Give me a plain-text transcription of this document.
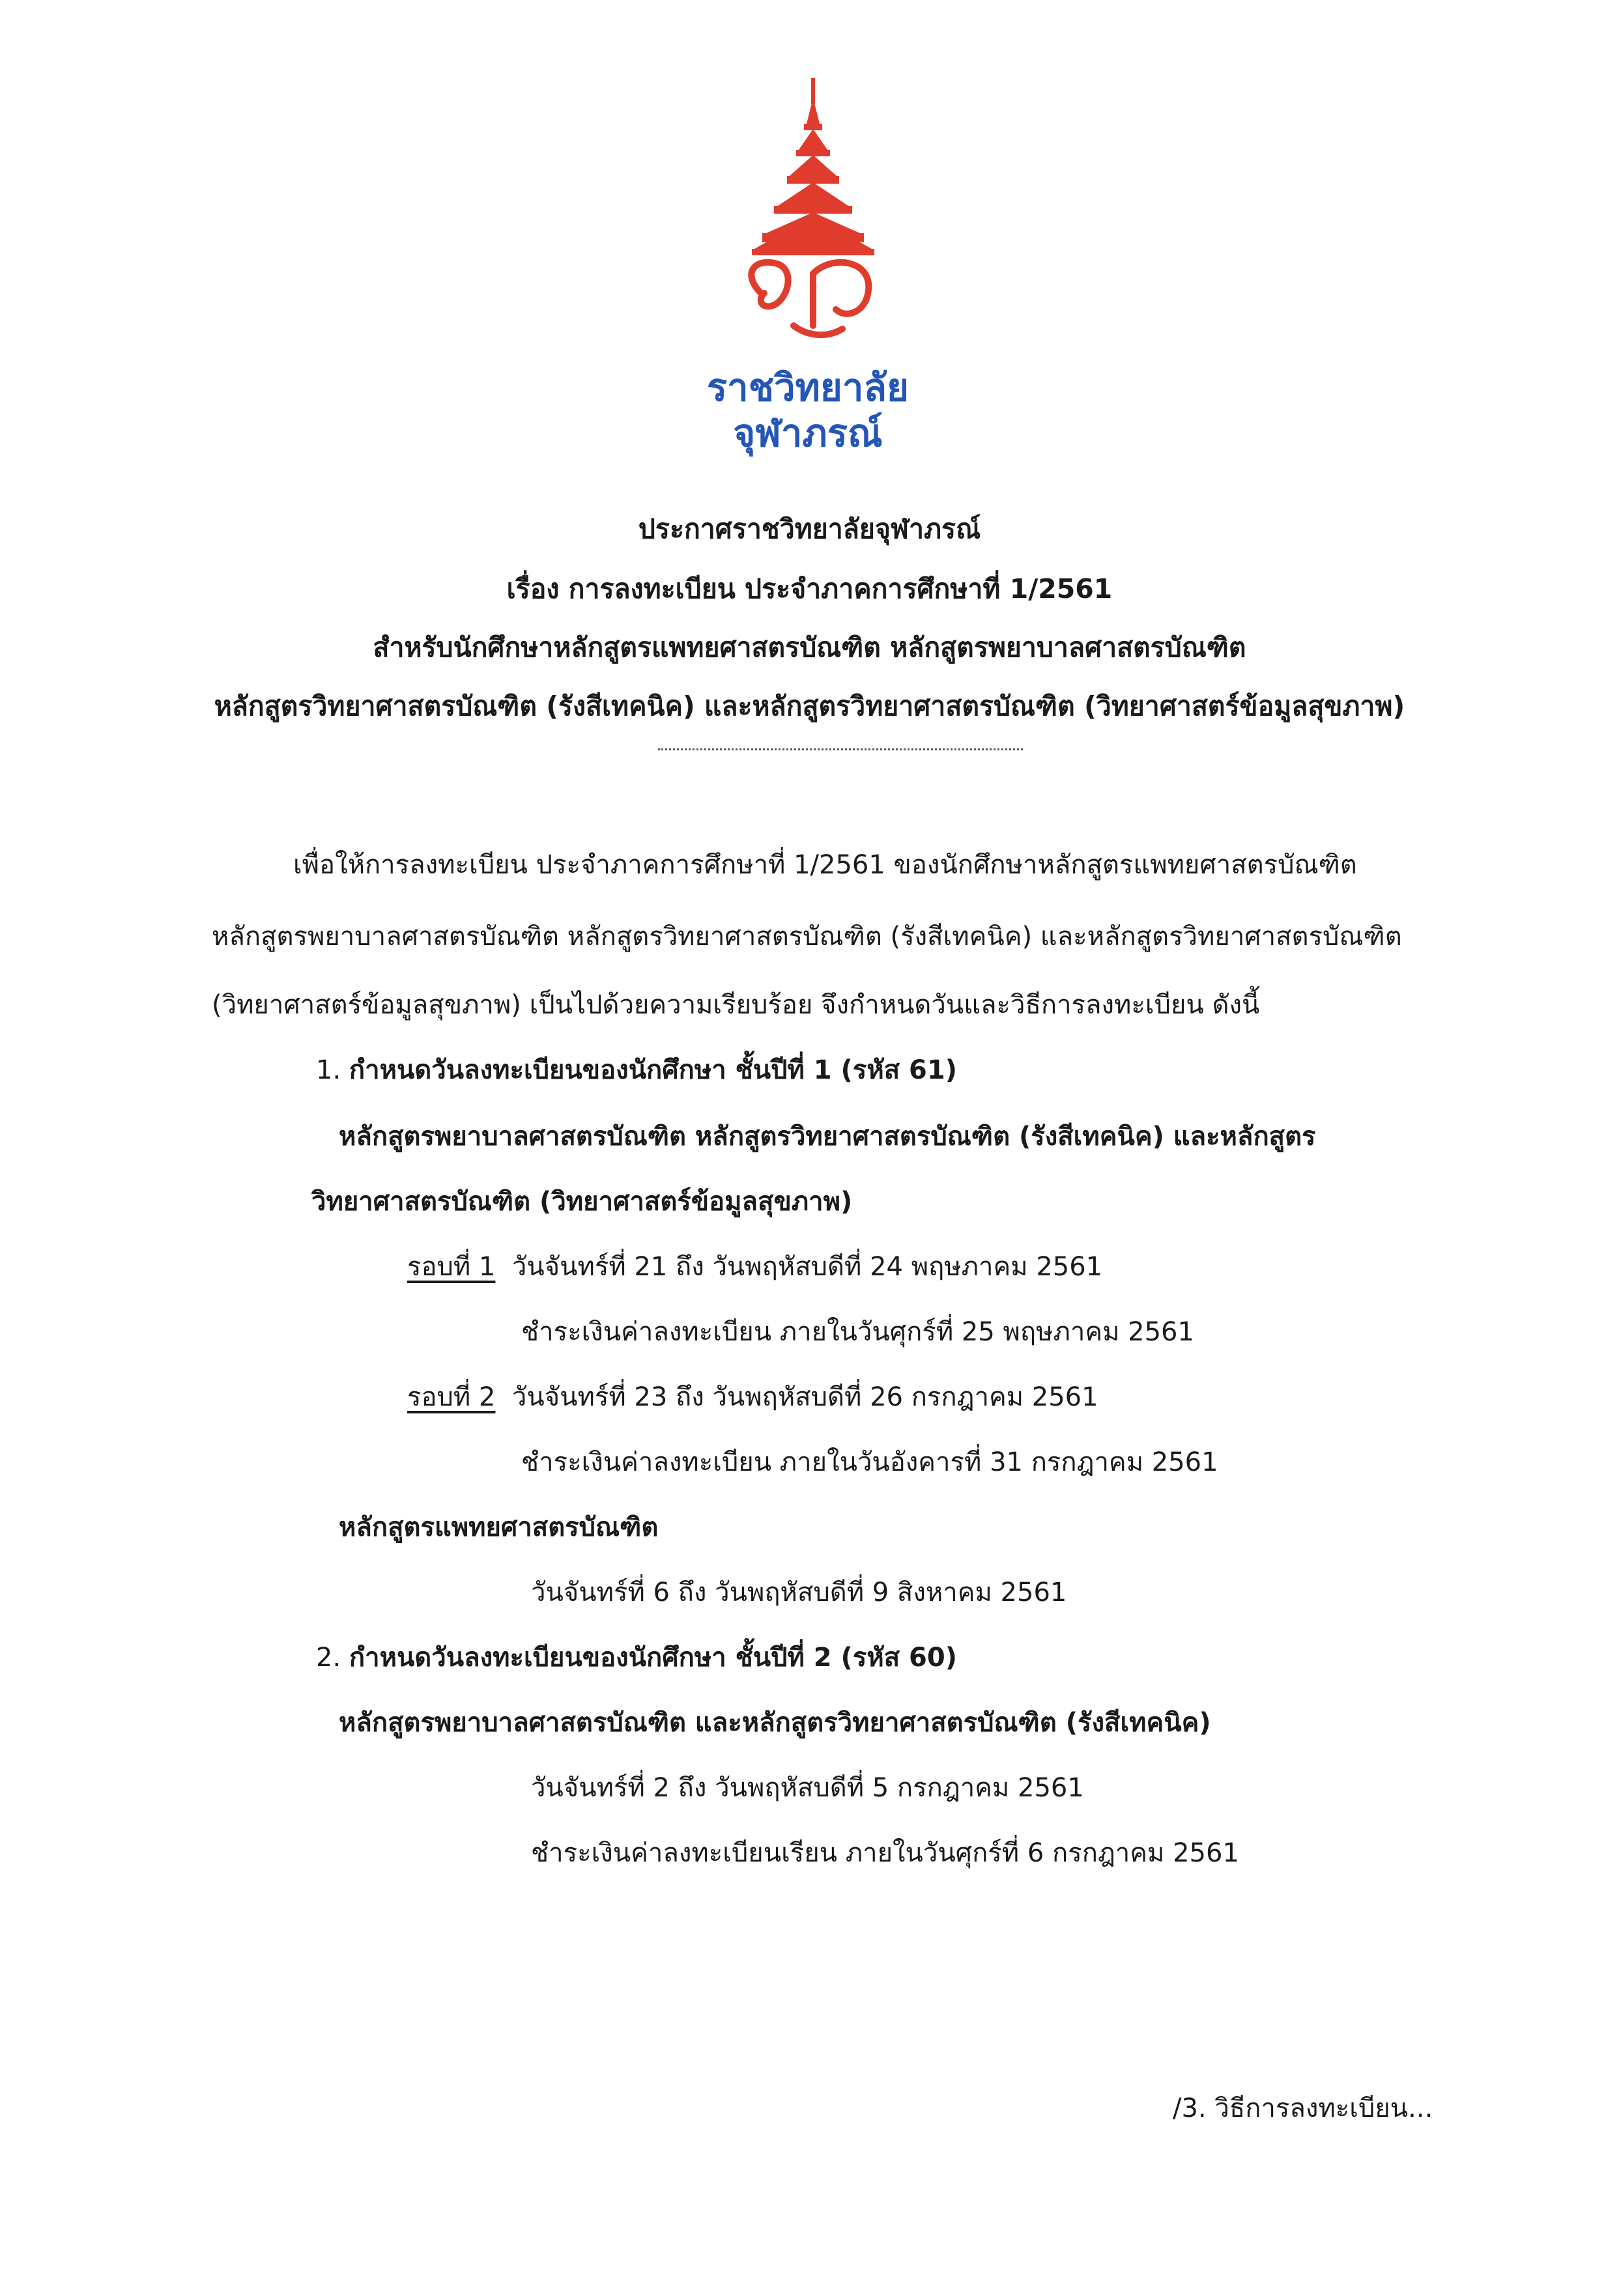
ราชวิทยาลัย
จุฬาภรณ์
ประกาศราชวิทยาลัยจุฬาภรณ์
เรื่อง การลงทะเบียน ประจำภาคการศึกษาที่ 1/2561
สำหรับนักศึกษาหลักสูตรแพทยศาสตรบัณฑิต หลักสูตรพยาบาลศาสตรบัณฑิต
หลักสูตรวิทยาศาสตรบัณฑิต (รังสีเทคนิค) และหลักสูตรวิทยาศาสตรบัณฑิต (วิทยาศาสตร์ข้อมูลสุขภาพ)
เพื่อให้การลงทะเบียน ประจำภาคการศึกษาที่ 1/2561 ของนักศึกษาหลักสูตรแพทยศาสตรบัณฑิต
หลักสูตรพยาบาลศาสตรบัณฑิต หลักสูตรวิทยาศาสตรบัณฑิต (รังสีเทคนิค) และหลักสูตรวิทยาศาสตรบัณฑิต
(วิทยาศาสตร์ข้อมูลสุขภาพ) เป็นไปด้วยความเรียบร้อย จึงกำหนดวันและวิธีการลงทะเบียน ดังนี้
1. กำหนดวันลงทะเบียนของนักศึกษา ชั้นปีที่ 1 (รหัส 61)
หลักสูตรพยาบาลศาสตรบัณฑิต หลักสูตรวิทยาศาสตรบัณฑิต (รังสีเทคนิค) และหลักสูตร
วิทยาศาสตรบัณฑิต (วิทยาศาสตร์ข้อมูลสุขภาพ)
รอบที่ 1 วันจันทร์ที่ 21 ถึง วันพฤหัสบดีที่ 24 พฤษภาคม 2561
ชำระเงินค่าลงทะเบียน ภายในวันศุกร์ที่ 25 พฤษภาคม 2561
รอบที่ 2 วันจันทร์ที่ 23 ถึง วันพฤหัสบดีที่ 26 กรกฎาคม 2561
ชำระเงินค่าลงทะเบียน ภายในวันอังคารที่ 31 กรกฎาคม 2561
หลักสูตรแพทยศาสตรบัณฑิต
วันจันทร์ที่ 6 ถึง วันพฤหัสบดีที่ 9 สิงหาคม 2561
2. กำหนดวันลงทะเบียนของนักศึกษา ชั้นปีที่ 2 (รหัส 60)
หลักสูตรพยาบาลศาสตรบัณฑิต และหลักสูตรวิทยาศาสตรบัณฑิต (รังสีเทคนิค)
วันจันทร์ที่ 2 ถึง วันพฤหัสบดีที่ 5 กรกฎาคม 2561
ชำระเงินค่าลงทะเบียนเรียน ภายในวันศุกร์ที่ 6 กรกฎาคม 2561
/3. วิธีการลงทะเบียน...
